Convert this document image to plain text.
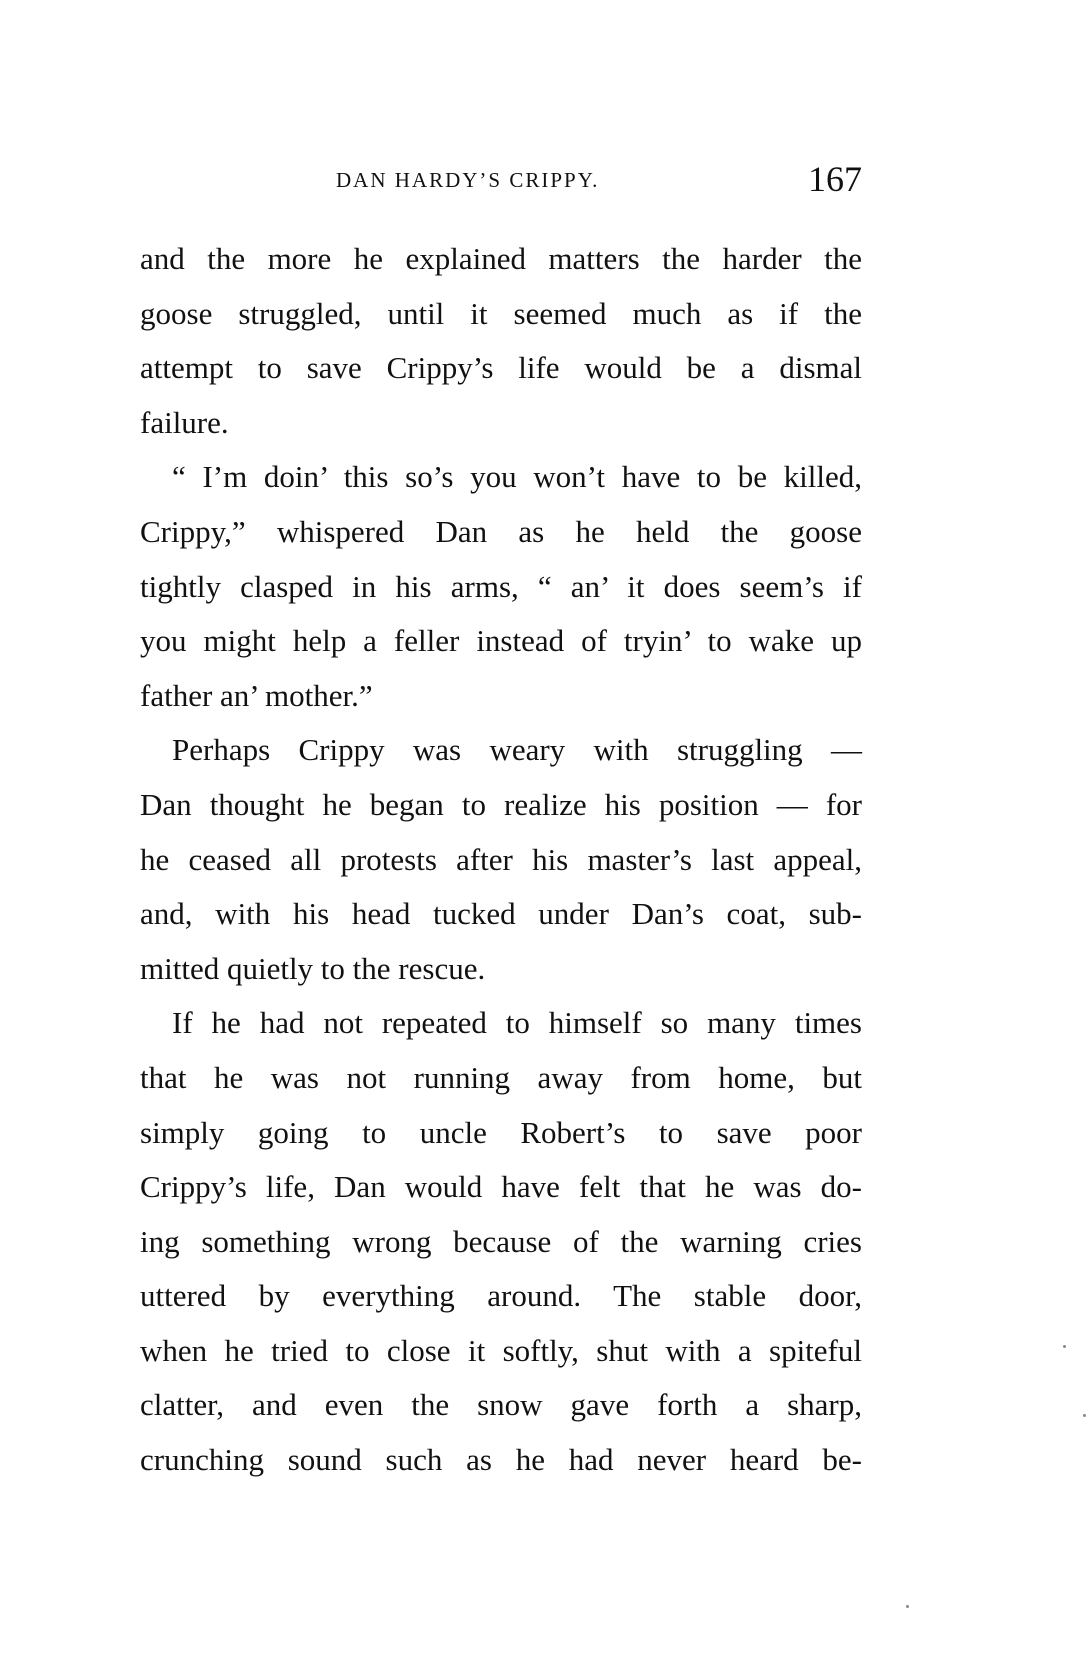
DAN HARDY’S CRIPPY.	167
and the more he explained matters the harder the
goose struggled, until it seemed much as if the
attempt to save Crippy’s life would be a dismal
failure.
“ I’m doin’ this so’s you won’t have to be killed,
Crippy,” whispered Dan as he held the goose
tightly clasped in his arms, “ an’ it does seem’s if
you might help a feller instead of tryin’ to wake up
father an’ mother.”
Perhaps Crippy was weary with struggling —
Dan thought he began to realize his position — for
he ceased all protests after his master’s last appeal,
and, with his head tucked under Dan’s coat, sub-
mitted quietly to the rescue.
If he had not repeated to himself so many times
that he was not running away from home, but
simply going to uncle Robert’s to save poor
Crippy’s life, Dan would have felt that he was do-
ing something wrong because of the warning cries
uttered by everything around. The stable door,
when he tried to close it softly, shut with a spiteful
clatter, and even the snow gave forth a sharp,
crunching sound such as he had never heard be-
